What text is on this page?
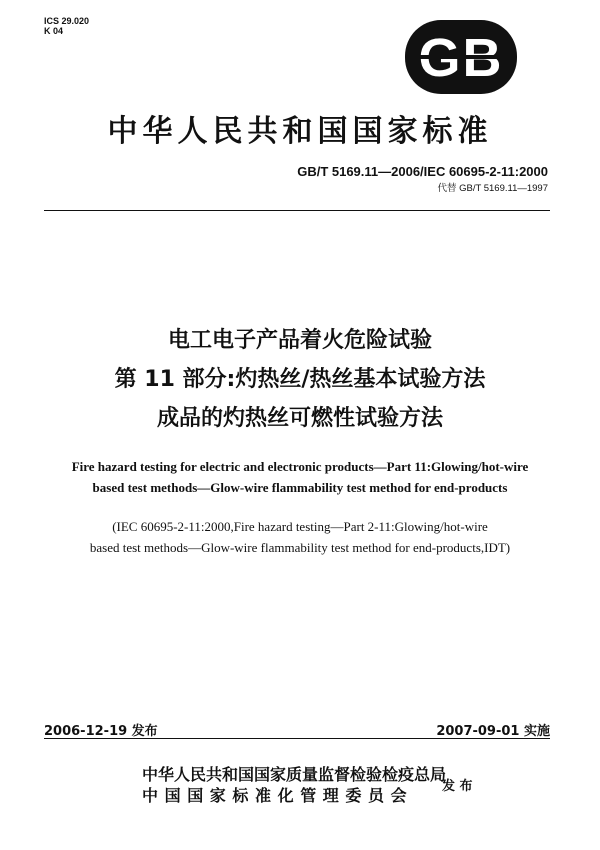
ICS 29.020
K 04	GB
中华人民共和国国家标准
GB/T 5169.11—2006/IEC 60695-2-11:2000
代替 GB/T 5169.11—1997
电工电子产品着火危险试验
第 11 部分:灼热丝/热丝基本试验方法
成品的灼热丝可燃性试验方法
Fire hazard testing for electric and electronic products—Part 11:Glowing/hot-wire
based test methods—Glow-wire flammability test method for end-products
(IEC 60695-2-11:2000,Fire hazard testing—Part 2-11:Glowing/hot-wire
based test methods—Glow-wire flammability test method for end-products,IDT)
2006-12-19 发布	2007-09-01 实施
中华人民共和国国家质量监督检验检疫总局
中国国家标准化管理委员会	发 布
